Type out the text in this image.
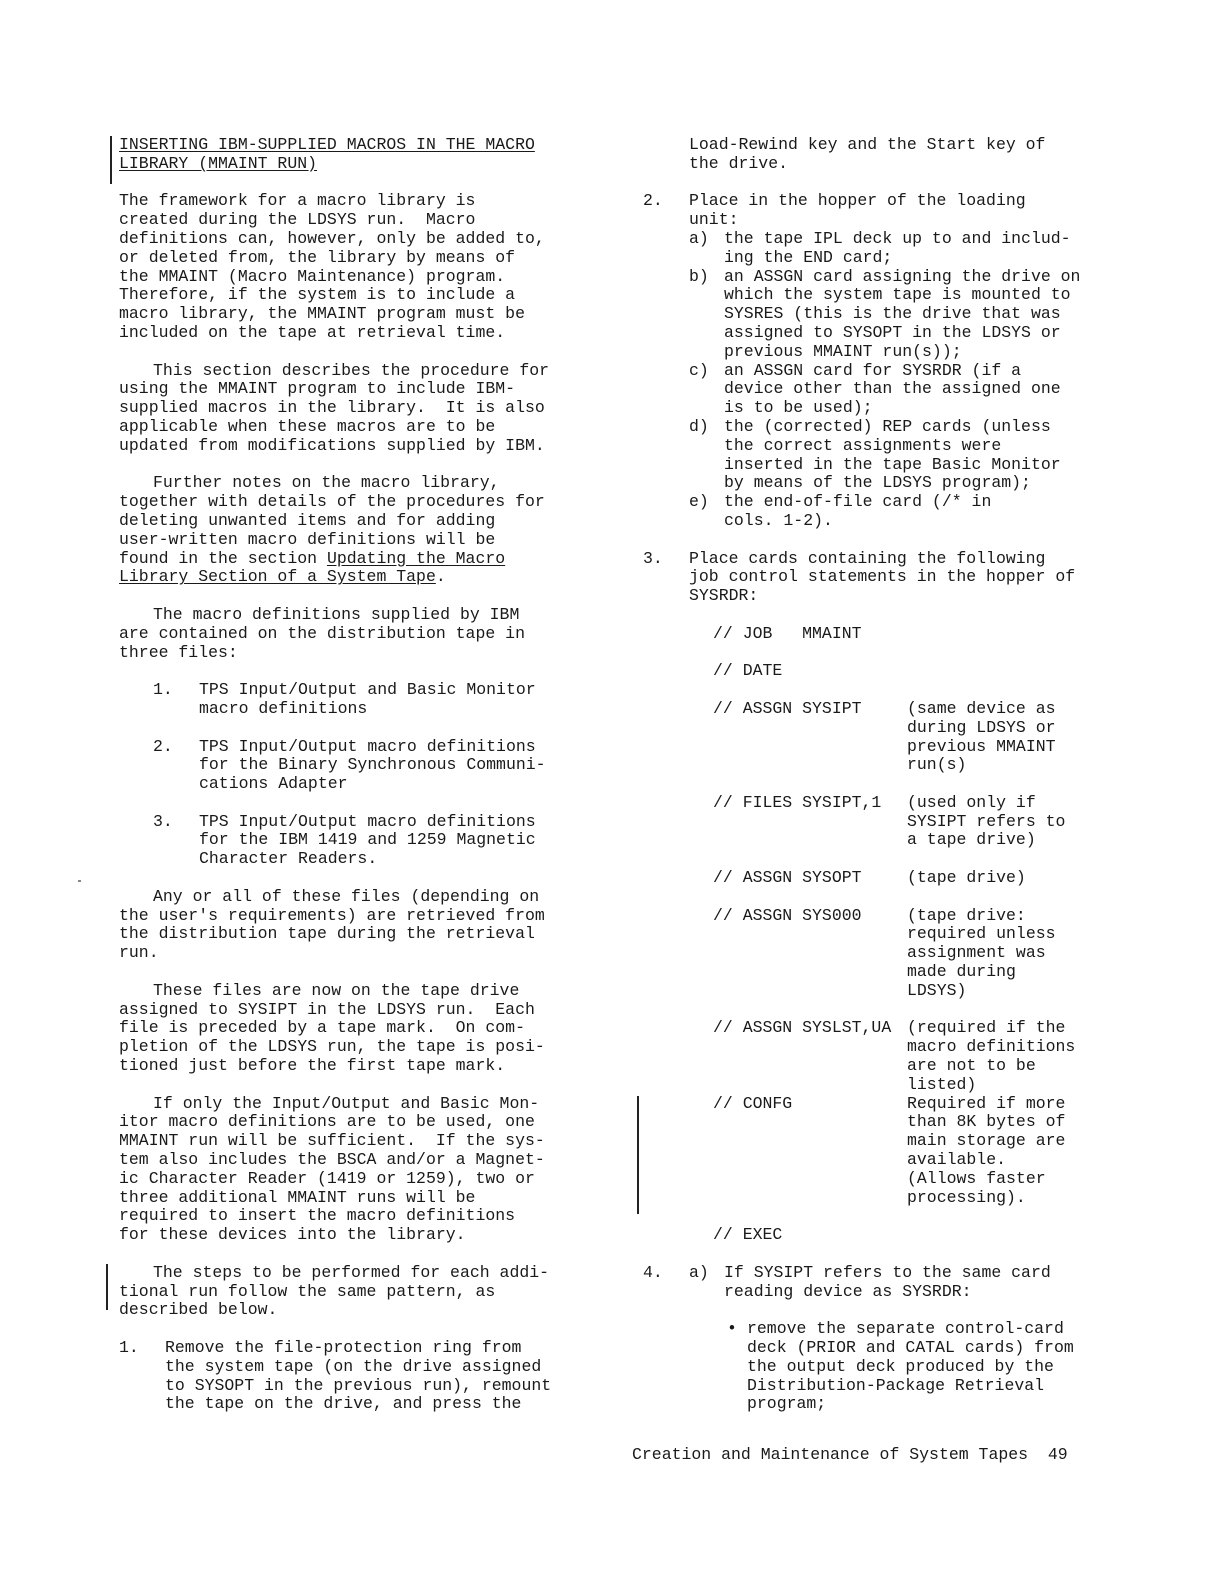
INSERTING IBM-SUPPLIED MACROS IN THE MACRO
LIBRARY (MMAINT RUN)

The framework for a macro library is
created during the LDSYS run.  Macro
definitions can, however, only be added to,
or deleted from, the library by means of
the MMAINT (Macro Maintenance) program.
Therefore, if the system is to include a
macro library, the MMAINT program must be
included on the tape at retrieval time.

This section describes the procedure for
using the MMAINT program to include IBM-
supplied macros in the library.  It is also
applicable when these macros are to be
updated from modifications supplied by IBM.

Further notes on the macro library,
together with details of the procedures for
deleting unwanted items and for adding
user-written macro definitions will be
found in the section Updating the Macro
Library Section of a System Tape.

The macro definitions supplied by IBM
are contained on the distribution tape in
three files:

1.	TPS Input/Output and Basic Monitor
macro definitions

2.	TPS Input/Output macro definitions
for the Binary Synchronous Communi-
cations Adapter

3.	TPS Input/Output macro definitions
for the IBM 1419 and 1259 Magnetic
Character Readers.

Any or all of these files (depending on
the user's requirements) are retrieved from
the distribution tape during the retrieval
run.

These files are now on the tape drive
assigned to SYSIPT in the LDSYS run.  Each
file is preceded by a tape mark.  On com-
pletion of the LDSYS run, the tape is posi-
tioned just before the first tape mark.

If only the Input/Output and Basic Mon-
itor macro definitions are to be used, one
MMAINT run will be sufficient.  If the sys-
tem also includes the BSCA and/or a Magnet-
ic Character Reader (1419 or 1259), two or
three additional MMAINT runs will be
required to insert the macro definitions
for these devices into the library.

The steps to be performed for each addi-
tional run follow the same pattern, as
described below.

1.	Remove the file-protection ring from
the system tape (on the drive assigned
to SYSOPT in the previous run), remount
the tape on the drive, and press the

Load-Rewind key and the Start key of
the drive.

2.	Place in the hopper of the loading
unit:

a) the tape IPL deck up to and includ-
ing the END card;

b) an ASSGN card assigning the drive on
which the system tape is mounted to
SYSRES (this is the drive that was
assigned to SYSOPT in the LDSYS or
previous MMAINT run(s));

c) an ASSGN card for SYSRDR (if a
device other than the assigned one
is to be used);

d) the (corrected) REP cards (unless
the correct assignments were
inserted in the tape Basic Monitor
by means of the LDSYS program);

e) the end-of-file card (/* in
cols. 1-2).

3.	Place cards containing the following
job control statements in the hopper of
SYSRDR:

// JOB   MMAINT

// DATE

// ASSGN SYSIPT	(same device as
during LDSYS or
previous MMAINT
run(s)

// FILES SYSIPT,1	(used only if
SYSIPT refers to
a tape drive)

// ASSGN SYSOPT	(tape drive)

// ASSGN SYS000	(tape drive:
required unless
assignment was
made during
LDSYS)

// ASSGN SYSLST,UA (required if the
macro definitions
are not to be
listed)

// CONFG	Required if more
than 8K bytes of
main storage are
available.
(Allows faster
processing).

// EXEC

4.	a) If SYSIPT refers to the same card
reading device as SYSRDR:

• remove the separate control-card
deck (PRIOR and CATAL cards) from
the output deck produced by the
Distribution-Package Retrieval
program;

Creation and Maintenance of System Tapes 49
